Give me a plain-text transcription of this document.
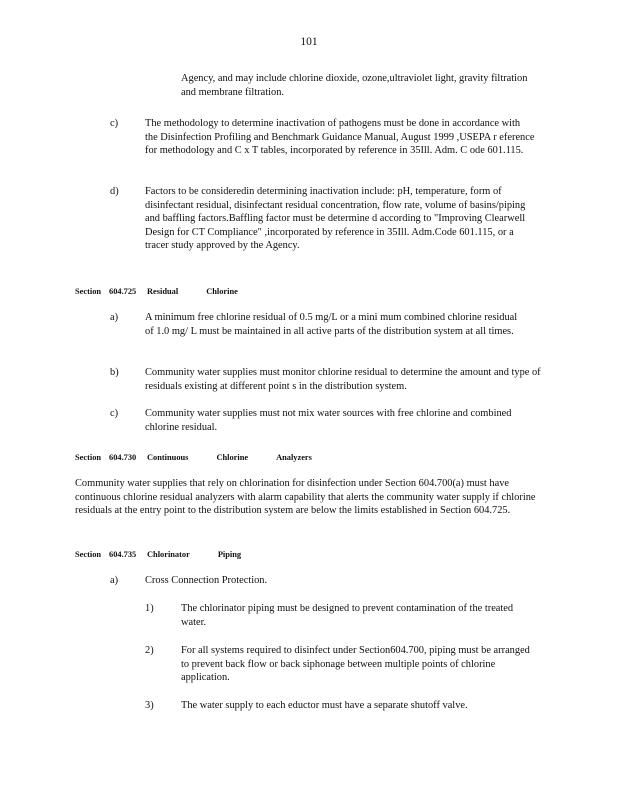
101
Agency, and may include chlorine dioxide, ozone,ultraviolet light, gravity filtration and membrane filtration.
c)	The methodology to determine inactivation of pathogens must be done in accordance with the Disinfection Profiling and Benchmark Guidance Manual, August 1999 ,USEPA r eference for methodology and C x T tables, incorporated by reference in 35Ill. Adm. C ode 601.115.
d)	Factors to be consideredin determining inactivation include: pH, temperature, form of disinfectant residual, disinfectant residual concentration, flow rate, volume of basins/piping and baffling factors.Baffling factor must be determine d according to "Improving Clearwell Design for CT Compliance" ,incorporated by reference in 35Ill. Adm.Code 601.115, or a tracer study approved by the Agency.
Section 604.725 Residual	Chlorine
a)	A minimum free chlorine residual of 0.5 mg/L or a mini mum combined chlorine residual of 1.0 mg/ L must be maintained in all active parts of the distribution system at all times.
b)	Community water supplies must monitor chlorine residual to determine the amount and type of residuals existing at different point s in the distribution system.
c)	Community water supplies must not mix water sources with free chlorine and combined chlorine residual.
Section 604.730 Continuous	Chlorine	Analyzers
Community water supplies that rely on chlorination for disinfection under Section 604.700(a) must have continuous chlorine residual analyzers with alarm capability that alerts the community water supply if chlorine residuals at the entry point to the distribution system are below the limits established in Section 604.725.
Section 604.735 Chlorinator	Piping
a)	Cross Connection Protection.
1)	The chlorinator piping must be designed to prevent contamination of the treated water.
2)	For all systems required to disinfect under Section604.700, piping must be arranged to prevent back flow or back siphonage between multiple points of chlorine application.
3)	The water supply to each eductor must have a separate shutoff valve.
